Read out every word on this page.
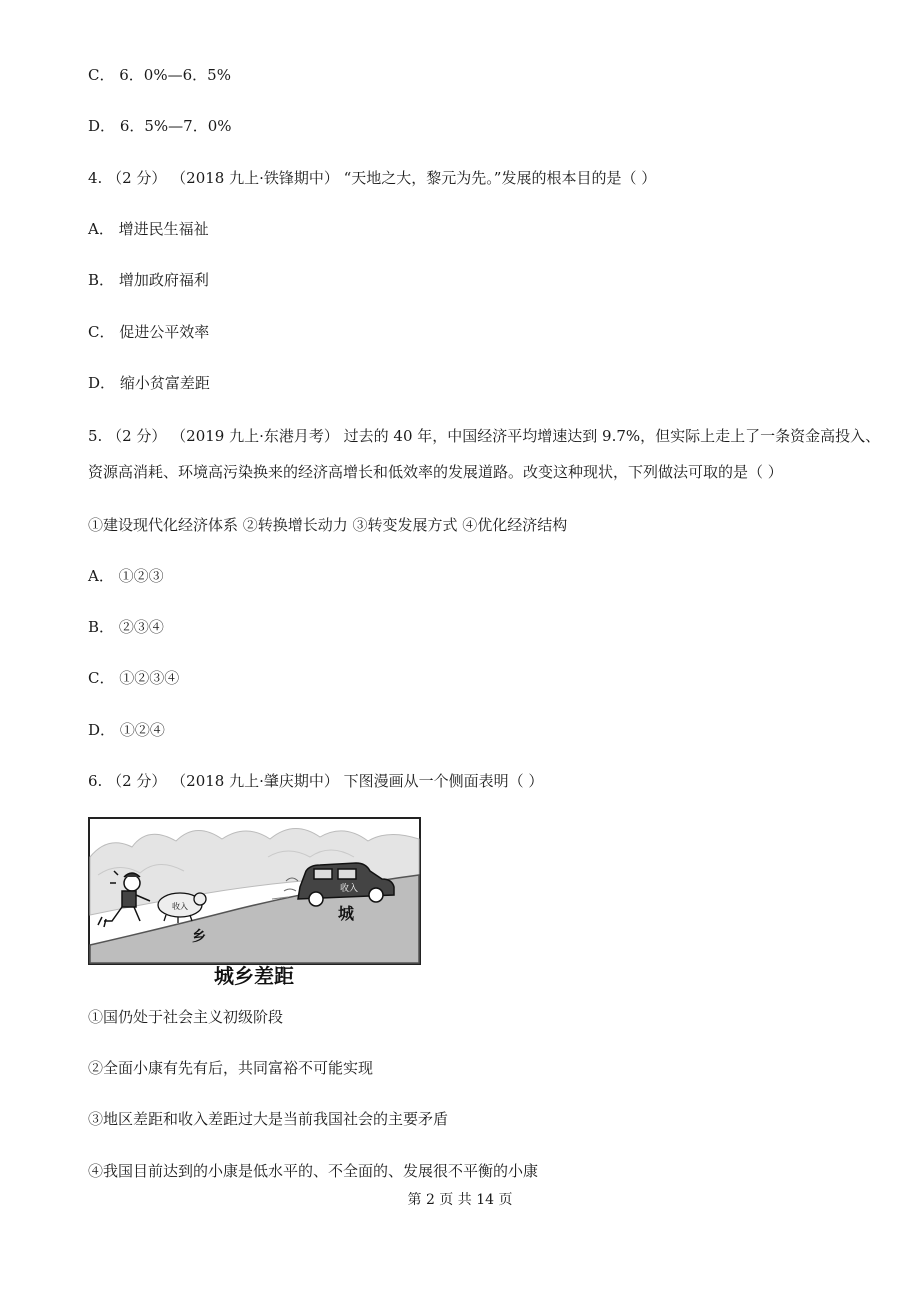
C． 6．0%—6．5%
D． 6．5%—7．0%
4. （2 分） （2018 九上·铁锋期中） “天地之大，黎元为先。”发展的根本目的是（ ）
A． 增进民生福祉
B． 增加政府福利
C． 促进公平效率
D． 缩小贫富差距
5. （2 分） （2019 九上·东港月考） 过去的 40 年，中国经济平均增速达到 9.7%，但实际上走上了一条资金高投入、资源高消耗、环境高污染换来的经济高增长和低效率的发展道路。改变这种现状，下列做法可取的是（ ）
①建设现代化经济体系 ②转换增长动力 ③转变发展方式 ④优化经济结构
A． ①②③
B． ②③④
C． ①②③④
D． ①②④
6. （2 分） （2018 九上·肇庆期中） 下图漫画从一个侧面表明（ ）
收入
收入
乡
城
城乡差距
①国仍处于社会主义初级阶段
②全面小康有先有后，共同富裕不可能实现
③地区差距和收入差距过大是当前我国社会的主要矛盾
④我国目前达到的小康是低水平的、不全面的、发展很不平衡的小康
第 2 页 共 14 页
